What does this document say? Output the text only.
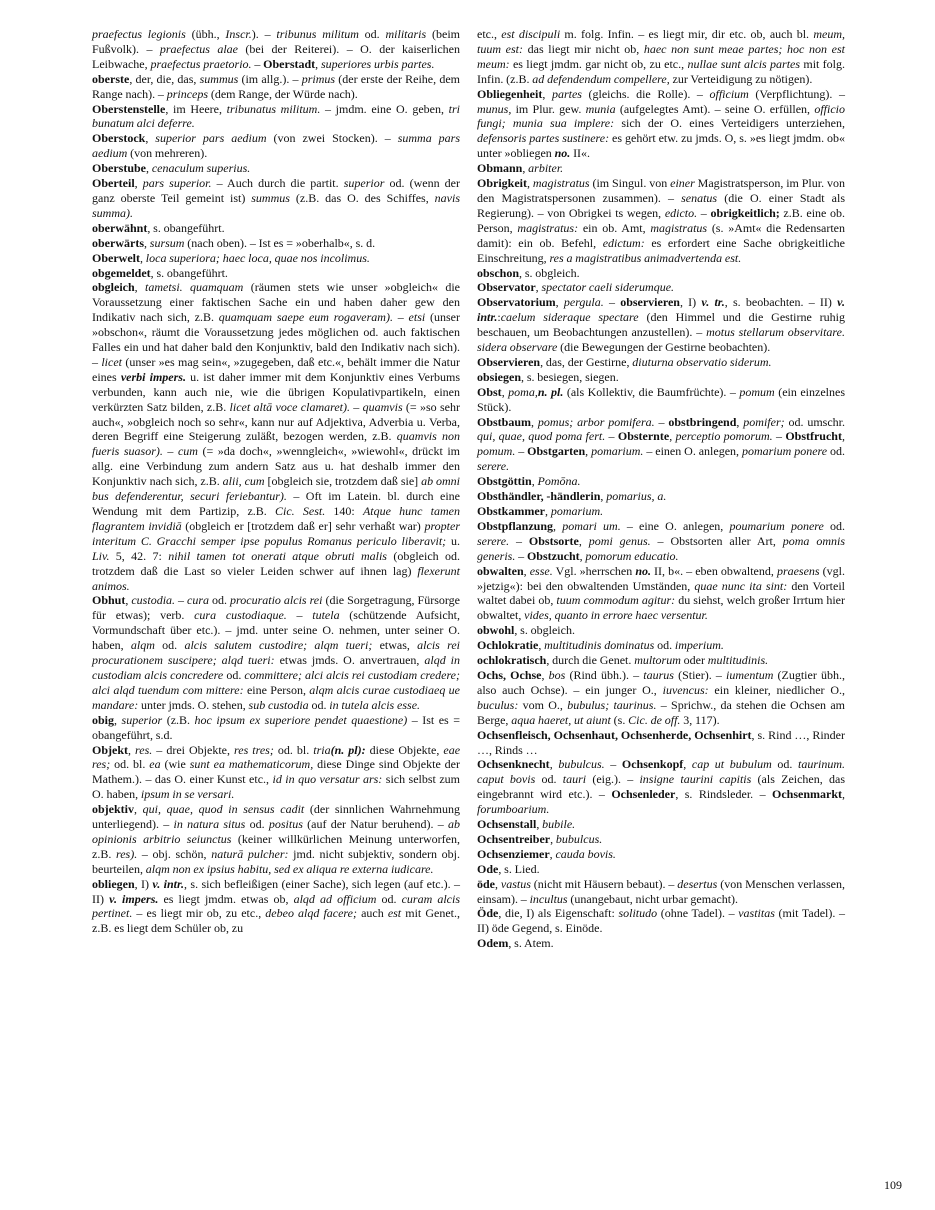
praefectus legionis (übh., Inscr.). – tribunus militum od. militaris (beim Fußvolk). – praefectus alae (bei der Reiterei). – O. der kaiserlichen Leibwache, praefectus praetorio. – Oberstadt, superiores urbis partes.

oberste, der, die, das, summus (im allg.). – primus (der erste der Reihe, dem Range nach). – princeps (dem Range, der Würde nach).

Oberstenstelle, im Heere, tribunatus militum. – jmdm. eine O. geben, tri bunatum alci deferre.

Oberstock, superior pars aedium (von zwei Stocken). – summa pars aedium (von mehreren).

Oberstube, cenaculum superius.

Oberteil, pars superior. – Auch durch die partit. superior od. (wenn der ganz oberste Teil gemeint ist) summus (z.B. das O. des Schiffes, navis summa).

oberwähnt, s. obangeführt.

oberwärts, sursum (nach oben). – Ist es = »oberhalb«, s. d.

Oberwelt, loca superiora; haec loca, quae nos incolimus.

obgemeldet, s. obangeführt.

obgleich, tametsi. quamquam (räumen stets wie unser »obgleich« die Voraussetzung einer faktischen Sache ein und haben daher gew den Indikativ nach sich, z.B. quamquam saepe eum rogaveram). – etsi (unser »obschon«, räumt die Voraussetzung jedes möglichen od. auch faktischen Falles ein und hat daher bald den Konjunktiv, bald den Indikativ nach sich). – licet (unser »es mag sein«, »zugegeben, daß etc.«, behält immer die Natur eines verbi impers. u. ist daher immer mit dem Konjunktiv eines Verbums verbunden, kann auch nie, wie die übrigen Kopulativpartikeln, einen verkürzten Satz bilden, z.B. licet altā voce clamaret). – quamvis (= »so sehr auch«, »obgleich noch so sehr«, kann nur auf Adjektiva, Adverbia u. Verba, deren Begriff eine Steigerung zuläßt, bezogen werden, z.B. quamvis non fueris suasor). – cum (= »da doch«, »wenngleich«, »wiewohl«, drückt im allg. eine Verbindung zum andern Satz aus u. hat deshalb immer den Konjunktiv nach sich, z.B. alii, cum [obgleich sie, trotzdem daß sie] ab omni bus defenderentur, securi feriebantur). – Oft im Latein. bl. durch eine Wendung mit dem Partizip, z.B. Cic. Sest. 140: Atque hunc tamen flagrantem invidiā (obgleich er [trotzdem daß er] sehr verhaßt war) propter interitum C. Gracchi semper ipse populus Romanus periculo liberavit; u. Liv. 5, 42. 7: nihil tamen tot onerati atque obruti malis (obgleich od. trotzdem daß die Last so vieler Leiden schwer auf ihnen lag) flexerunt animos.

Obhut, custodia. – cura od. procuratio alcis rei (die Sorgetragung, Fürsorge für etwas); verb. cura custodiaque. – tutela (schützende Aufsicht, Vormundschaft über etc.). – jmd. unter seine O. nehmen, unter seiner O. haben, alqm od. alcis salutem custodire; alqm tueri; etwas, alcis rei procurationem suscipere; alqd tueri: etwas jmds. O. anvertrauen, alqd in custodiam alcis concredere od. committere; alci alcis rei custodiam credere; alci alqd tuendum com mittere: eine Person, alqm alcis curae custodiaeq ue mandare: unter jmds. O. stehen, sub custodia od. in tutela alcis esse.

obig, superior (z.B. hoc ipsum ex superiore pendet quaestione) – Ist es = obangeführt, s.d.

Objekt, res. – drei Objekte, res tres; od. bl. tria(n. pl): diese Objekte, eae res; od. bl. ea (wie sunt ea mathematicorum, diese Dinge sind Objekte der Mathem.). – das O. einer Kunst etc., id in quo versatur ars: sich selbst zum O. haben, ipsum in se versari.

objektiv, qui, quae, quod in sensus cadit (der sinnlichen Wahrnehmung unterliegend). – in natura situs od. positus (auf der Natur beruhend). – ab opinionis arbitrio seiunctus (keiner willkürlichen Meinung unterworfen, z.B. res). – obj. schön, naturā pulcher: jmd. nicht subjektiv, sondern obj. beurteilen, alqm non ex ipsius habitu, sed ex aliqua re externa iudicare.

obliegen, I) v. intr., s. sich befleißigen (einer Sache), sich legen (auf etc.). – II) v. impers. es liegt jmdm. etwas ob, alqd ad officium od. curam alcis pertinet. – es liegt mir ob, zu etc., debeo alqd facere; auch est mit Genet., z.B. es liegt dem Schüler ob, zu

etc., est discipuli m. folg. Infin. – es liegt mir, dir etc. ob, auch bl. meum, tuum est: das liegt mir nicht ob, haec non sunt meae partes; hoc non est meum: es liegt jmdm. gar nicht ob, zu etc., nullae sunt alcis partes mit folg. Infin. (z.B. ad defendendum compellere, zur Verteidigung zu nötigen).

Obliegenheit, partes (gleichs. die Rolle). – officium (Verpflichtung). – munus, im Plur. gew. munia (aufgelegtes Amt). – seine O. erfüllen, officio fungi; munia sua implere: sich der O. eines Verteidigers unterziehen, defensoris partes sustinere: es gehört etw. zu jmds. O, s. »es liegt jmdm. ob« unter »obliegen no. II«.

Obmann, arbiter.

Obrigkeit, magistratus (im Singul. von einer Magistratsperson, im Plur. von den Magistratspersonen zusammen). – senatus (die O. einer Stadt als Regierung). – von Obrigkei ts wegen, edicto. – obrigkeitlich; z.B. eine ob. Person, magistratus: ein ob. Amt, magistratus (s. »Amt« die Redensarten damit): ein ob. Befehl, edictum: es erfordert eine Sache obrigkeitliche Einschreitung, res a magistratibus animadvertenda est.

obschon, s. obgleich.

Observator, spectator caeli siderumque.

Observatorium, pergula. – observieren, I) v. tr., s. beobachten. – II) v. intr.:caelum sideraque spectare (den Himmel und die Gestirne ruhig beschauen, um Beobachtungen anzustellen). – motus stellarum observitare. sidera observare (die Bewegungen der Gestirne beobachten).

Observieren, das, der Gestirne, diuturna observatio siderum.

obsiegen, s. besiegen, siegen.

Obst, poma,n. pl. (als Kollektiv, die Baumfrüchte). – pomum (ein einzelnes Stück).

Obstbaum, pomus; arbor pomifera. – obstbringend, pomifer; od. umschr. qui, quae, quod poma fert. – Obsternte, perceptio pomorum. – Obstfrucht, pomum. – Obstgarten, pomarium. – einen O. anlegen, pomarium ponere od. serere.

Obstgöttin, Pomōna.

Obsthändler, -händlerin, pomarius, a.

Obstkammer, pomarium.

Obstpflanzung, pomari um. – eine O. anlegen, poumarium ponere od. serere. – Obstsorte, pomi genus. – Obstsorten aller Art, poma omnis generis. – Obstzucht, pomorum educatio.

obwalten, esse. Vgl. »herrschen no. II, b«. – eben obwaltend, praesens (vgl. »jetzig«): bei den obwaltenden Umständen, quae nunc ita sint: den Vorteil waltet dabei ob, tuum commodum agitur: du siehst, welch großer Irrtum hier obwaltet, vides, quanto in errore haec versentur.

obwohl, s. obgleich.

Ochlokratie, multitudinis dominatus od. imperium.

ochlokratisch, durch die Genet. multorum oder multitudinis.

Ochs, Ochse, bos (Rind übh.). – taurus (Stier). – iumentum (Zugtier übh., also auch Ochse). – ein junger O., iuvencus: ein kleiner, niedlicher O., buculus: vom O., bubulus; taurinus. – Sprichw., da stehen die Ochsen am Berge, aqua haeret, ut aiunt (s. Cic. de off. 3, 117).

Ochsenfleisch, Ochsenhaut, Ochsenherde, Ochsenhirt, s. Rind …, Rinder …, Rinds …

Ochsenknecht, bubulcus. – Ochsenkopf, cap ut bubulum od. taurinum. caput bovis od. tauri (eig.). – insigne taurini capitis (als Zeichen, das eingebrannt wird etc.). – Ochsenleder, s. Rindsleder. – Ochsenmarkt, forumboarium.

Ochsenstall, bubile.

Ochsentreiber, bubulcus.

Ochsenziemer, cauda bovis.

Ode, s. Lied.

öde, vastus (nicht mit Häusern bebaut). – desertus (von Menschen verlassen, einsam). – incultus (unangebaut, nicht urbar gemacht).

Öde, die, I) als Eigenschaft: solitudo (ohne Tadel). – vastitas (mit Tadel). – II) öde Gegend, s. Einöde.

Odem, s. Atem.

109
